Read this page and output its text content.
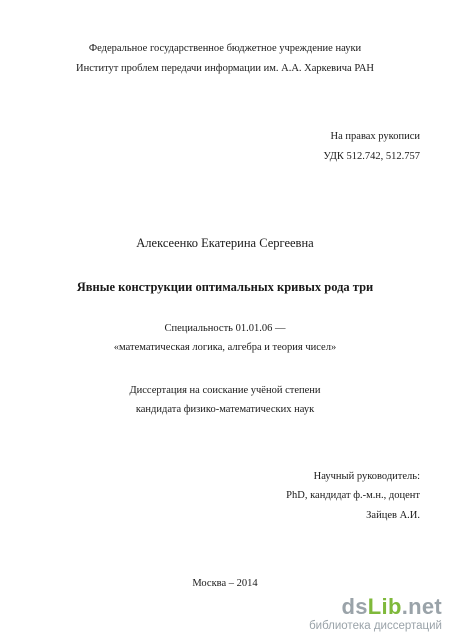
Федеральное государственное бюджетное учреждение науки
Институт проблем передачи информации им. А.А. Харкевича РАН
На правах рукописи
УДК 512.742, 512.757
Алексеенко Екатерина Сергеевна
Явные конструкции оптимальных кривых рода три
Специальность 01.01.06 —
«математическая логика, алгебра и теория чисел»
Диссертация на соискание учёной степени
кандидата физико-математических наук
Научный руководитель:
PhD, кандидат ф.-м.н., доцент
Зайцев А.И.
Москва – 2014
dsLib.net
библиотека диссертаций
